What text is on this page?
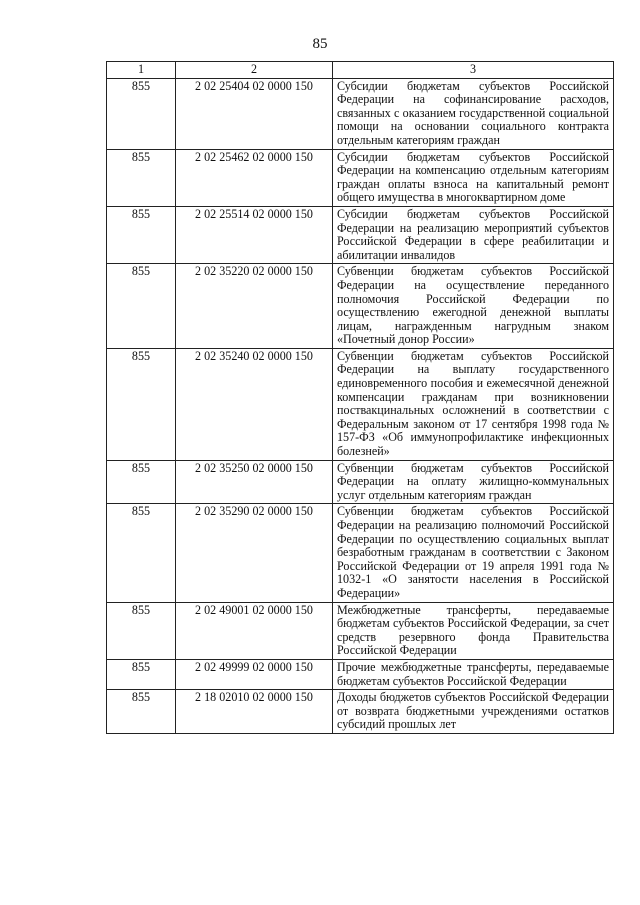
85
1	2	3
855	2 02 25404 02 0000 150	Субсидии бюджетам субъектов Российской Федерации на софинансирование расходов, связанных с оказанием государственной социальной помощи на основании социального контракта отдельным категориям граждан
855	2 02 25462 02 0000 150	Субсидии бюджетам субъектов Российской Федерации на компенсацию отдельным категориям граждан оплаты взноса на капитальный ремонт общего имущества в многоквартирном доме
855	2 02 25514 02 0000 150	Субсидии бюджетам субъектов Российской Федерации на реализацию мероприятий субъектов Российской Федерации в сфере реабилитации и абилитации инвалидов
855	2 02 35220 02 0000 150	Субвенции бюджетам субъектов Российской Федерации на осуществление переданного полномочия Российской Федерации по осуществлению ежегодной денежной выплаты лицам, награжденным нагрудным знаком «Почетный донор России»
855	2 02 35240 02 0000 150	Субвенции бюджетам субъектов Российской Федерации на выплату государственного единовременного пособия и ежемесячной денежной компенсации гражданам при возникновении поствакцинальных осложнений в соответствии с Федеральным законом от 17 сентября 1998 года № 157-ФЗ «Об иммунопрофилактике инфекционных болезней»
855	2 02 35250 02 0000 150	Субвенции бюджетам субъектов Российской Федерации на оплату жилищно-коммунальных услуг отдельным категориям граждан
855	2 02 35290 02 0000 150	Субвенции бюджетам субъектов Российской Федерации на реализацию полномочий Российской Федерации по осуществлению социальных выплат безработным гражданам в соответствии с Законом Российской Федерации от 19 апреля 1991 года № 1032-1 «О занятости населения в Российской Федерации»
855	2 02 49001 02 0000 150	Межбюджетные трансферты, передаваемые бюджетам субъектов Российской Федерации, за счет средств резервного фонда Правительства Российской Федерации
855	2 02 49999 02 0000 150	Прочие межбюджетные трансферты, передаваемые бюджетам субъектов Российской Федерации
855	2 18 02010 02 0000 150	Доходы бюджетов субъектов Российской Федерации от возврата бюджетными учреждениями остатков субсидий прошлых лет
